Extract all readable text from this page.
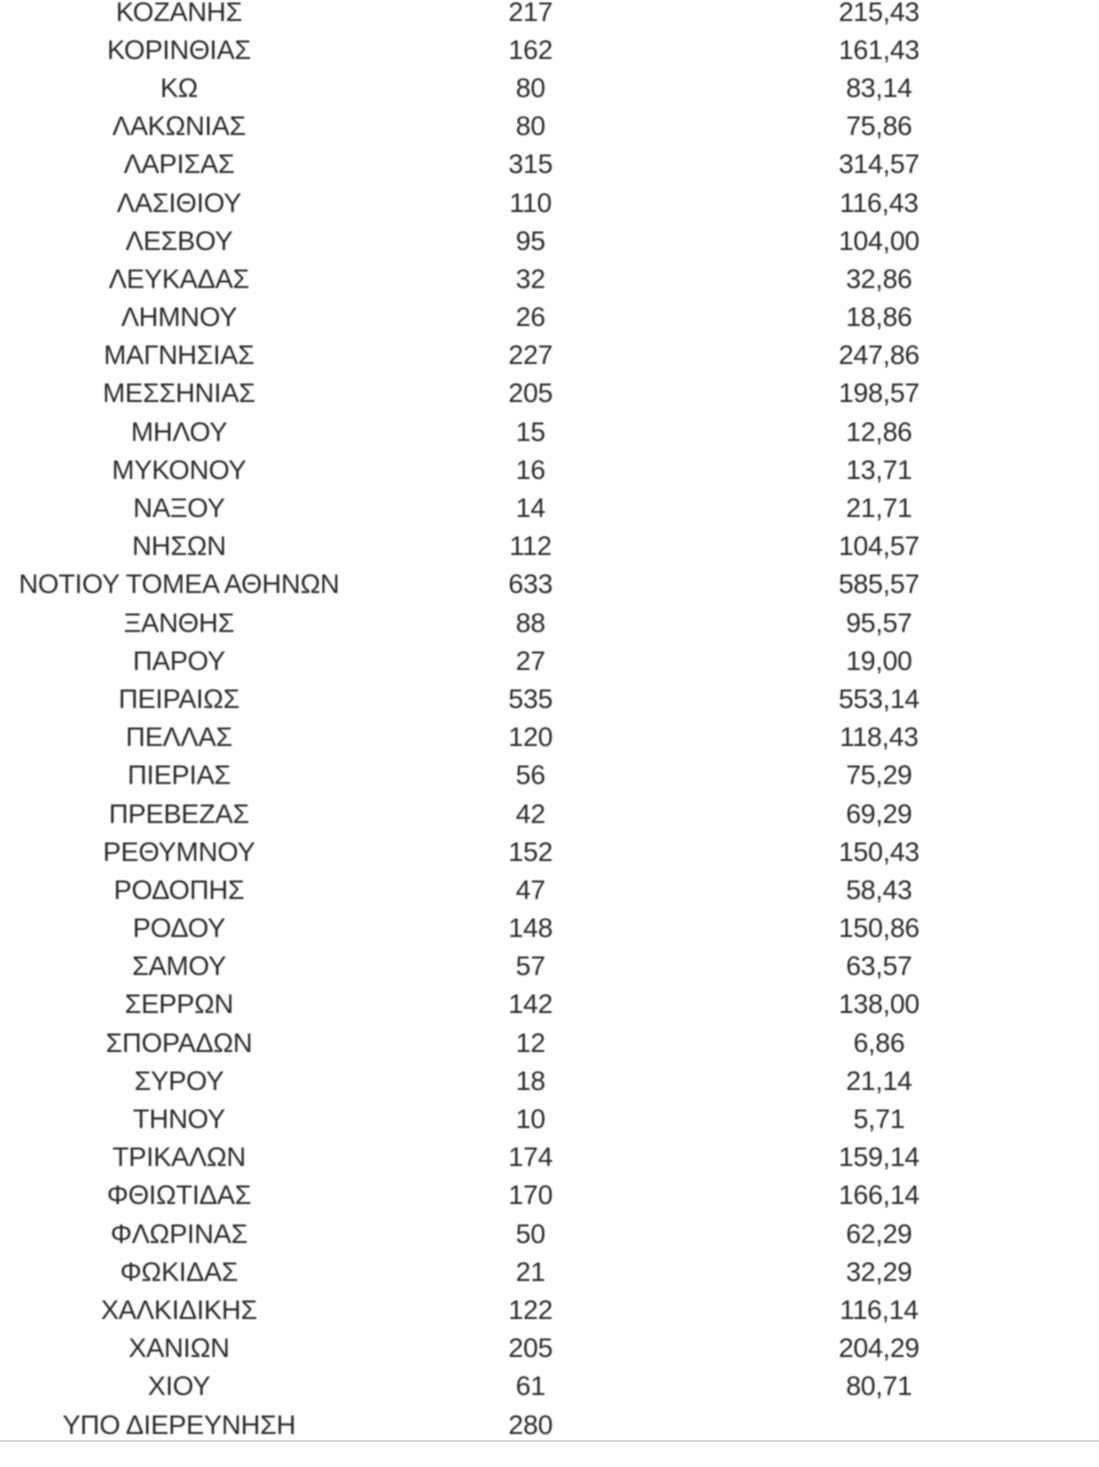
ΚΟΖΑΝΗΣ	217	215,43
ΚΟΡΙΝΘΙΑΣ	162	161,43
ΚΩ	80	83,14
ΛΑΚΩΝΙΑΣ	80	75,86
ΛΑΡΙΣΑΣ	315	314,57
ΛΑΣΙΘΙΟΥ	110	116,43
ΛΕΣΒΟΥ	95	104,00
ΛΕΥΚΑΔΑΣ	32	32,86
ΛΗΜΝΟΥ	26	18,86
ΜΑΓΝΗΣΙΑΣ	227	247,86
ΜΕΣΣΗΝΙΑΣ	205	198,57
ΜΗΛΟΥ	15	12,86
ΜΥΚΟΝΟΥ	16	13,71
ΝΑΞΟΥ	14	21,71
ΝΗΣΩΝ	112	104,57
ΝΟΤΙΟΥ ΤΟΜΕΑ ΑΘΗΝΩΝ	633	585,57
ΞΑΝΘΗΣ	88	95,57
ΠΑΡΟΥ	27	19,00
ΠΕΙΡΑΙΩΣ	535	553,14
ΠΕΛΛΑΣ	120	118,43
ΠΙΕΡΙΑΣ	56	75,29
ΠΡΕΒΕΖΑΣ	42	69,29
ΡΕΘΥΜΝΟΥ	152	150,43
ΡΟΔΟΠΗΣ	47	58,43
ΡΟΔΟΥ	148	150,86
ΣΑΜΟΥ	57	63,57
ΣΕΡΡΩΝ	142	138,00
ΣΠΟΡΑΔΩΝ	12	6,86
ΣΥΡΟΥ	18	21,14
ΤΗΝΟΥ	10	5,71
ΤΡΙΚΑΛΩΝ	174	159,14
ΦΘΙΩΤΙΔΑΣ	170	166,14
ΦΛΩΡΙΝΑΣ	50	62,29
ΦΩΚΙΔΑΣ	21	32,29
ΧΑΛΚΙΔΙΚΗΣ	122	116,14
ΧΑΝΙΩΝ	205	204,29
ΧΙΟΥ	61	80,71
ΥΠΟ ΔΙΕΡΕΥΝΗΣΗ	280
